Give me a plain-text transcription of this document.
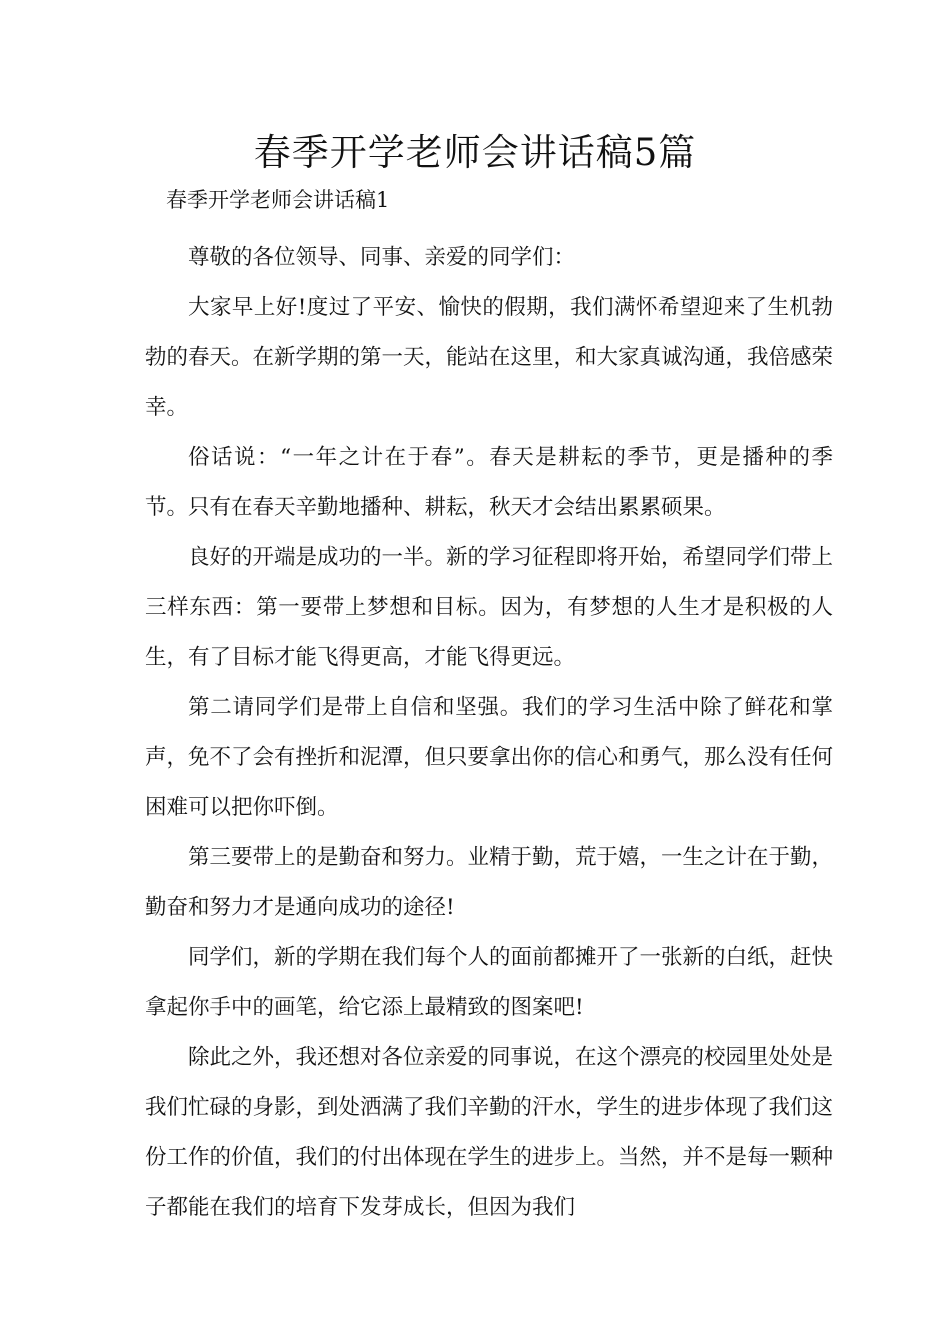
春季开学老师会讲话稿5篇
春季开学老师会讲话稿1

尊敬的各位领导、同事、亲爱的同学们：

大家早上好!度过了平安、愉快的假期，我们满怀希望迎来了生机勃勃的春天。在新学期的第一天，能站在这里，和大家真诚沟通，我倍感荣幸。

俗话说：“一年之计在于春”。春天是耕耘的季节，更是播种的季节。只有在春天辛勤地播种、耕耘，秋天才会结出累累硕果。

良好的开端是成功的一半。新的学习征程即将开始，希望同学们带上三样东西：第一要带上梦想和目标。因为，有梦想的人生才是积极的人生，有了目标才能飞得更高，才能飞得更远。

第二请同学们是带上自信和坚强。我们的学习生活中除了鲜花和掌声，免不了会有挫折和泥潭，但只要拿出你的信心和勇气，那么没有任何困难可以把你吓倒。

第三要带上的是勤奋和努力。业精于勤，荒于嬉，一生之计在于勤，勤奋和努力才是通向成功的途径!

同学们，新的学期在我们每个人的面前都摊开了一张新的白纸，赶快拿起你手中的画笔，给它添上最精致的图案吧!

除此之外，我还想对各位亲爱的同事说，在这个漂亮的校园里处处是我们忙碌的身影，到处洒满了我们辛勤的汗水，学生的进步体现了我们这份工作的价值，我们的付出体现在学生的进步上。当然，并不是每一颗种子都能在我们的培育下发芽成长，但因为我们
